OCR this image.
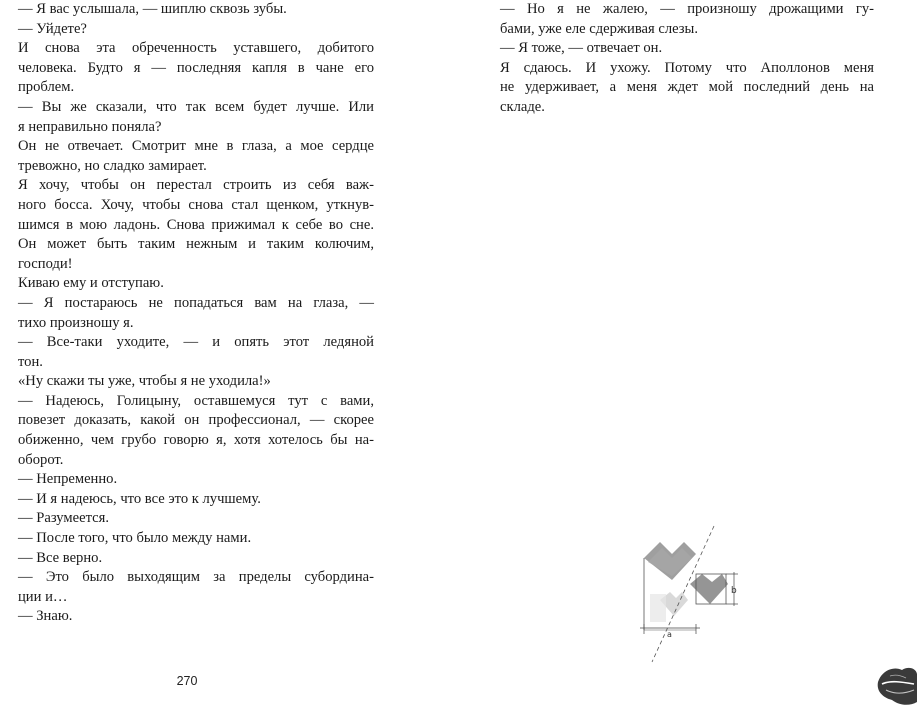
— Я вас услышала, — шиплю сквозь зубы.
— Уйдете?
И снова эта обреченность уставшего, добитого
человека. Будто я — последняя капля в чане его
проблем.
— Вы же сказали, что так всем будет лучше. Или
я неправильно поняла?
Он не отвечает. Смотрит мне в глаза, а мое сердце
тревожно, но сладко замирает.
Я хочу, чтобы он перестал строить из себя важ-
ного босса. Хочу, чтобы снова стал щенком, уткнув-
шимся в мою ладонь. Снова прижимал к себе во сне.
Он может быть таким нежным и таким колючим,
господи!
Киваю ему и отступаю.
— Я постараюсь не попадаться вам на глаза, —
тихо произношу я.
— Все-таки уходите, — и опять этот ледяной
тон.
«Ну скажи ты уже, чтобы я не уходила!»
— Надеюсь, Голицыну, оставшемуся тут с вами,
повезет доказать, какой он профессионал, — скорее
обиженно, чем грубо говорю я, хотя хотелось бы на-
оборот.
— Непременно.
— И я надеюсь, что все это к лучшему.
— Разумеется.
— После того, что было между нами.
— Все верно.
— Это было выходящим за пределы субордина-
ции и…
— Знаю.
270
— Но я не жалею, — произношу дрожащими гу-
бами, уже еле сдерживая слезы.
— Я тоже, — отвечает он.
Я сдаюсь. И ухожу. Потому что Аполлонов меня
не удерживает, а меня ждет мой последний день на
складе.
a
b
